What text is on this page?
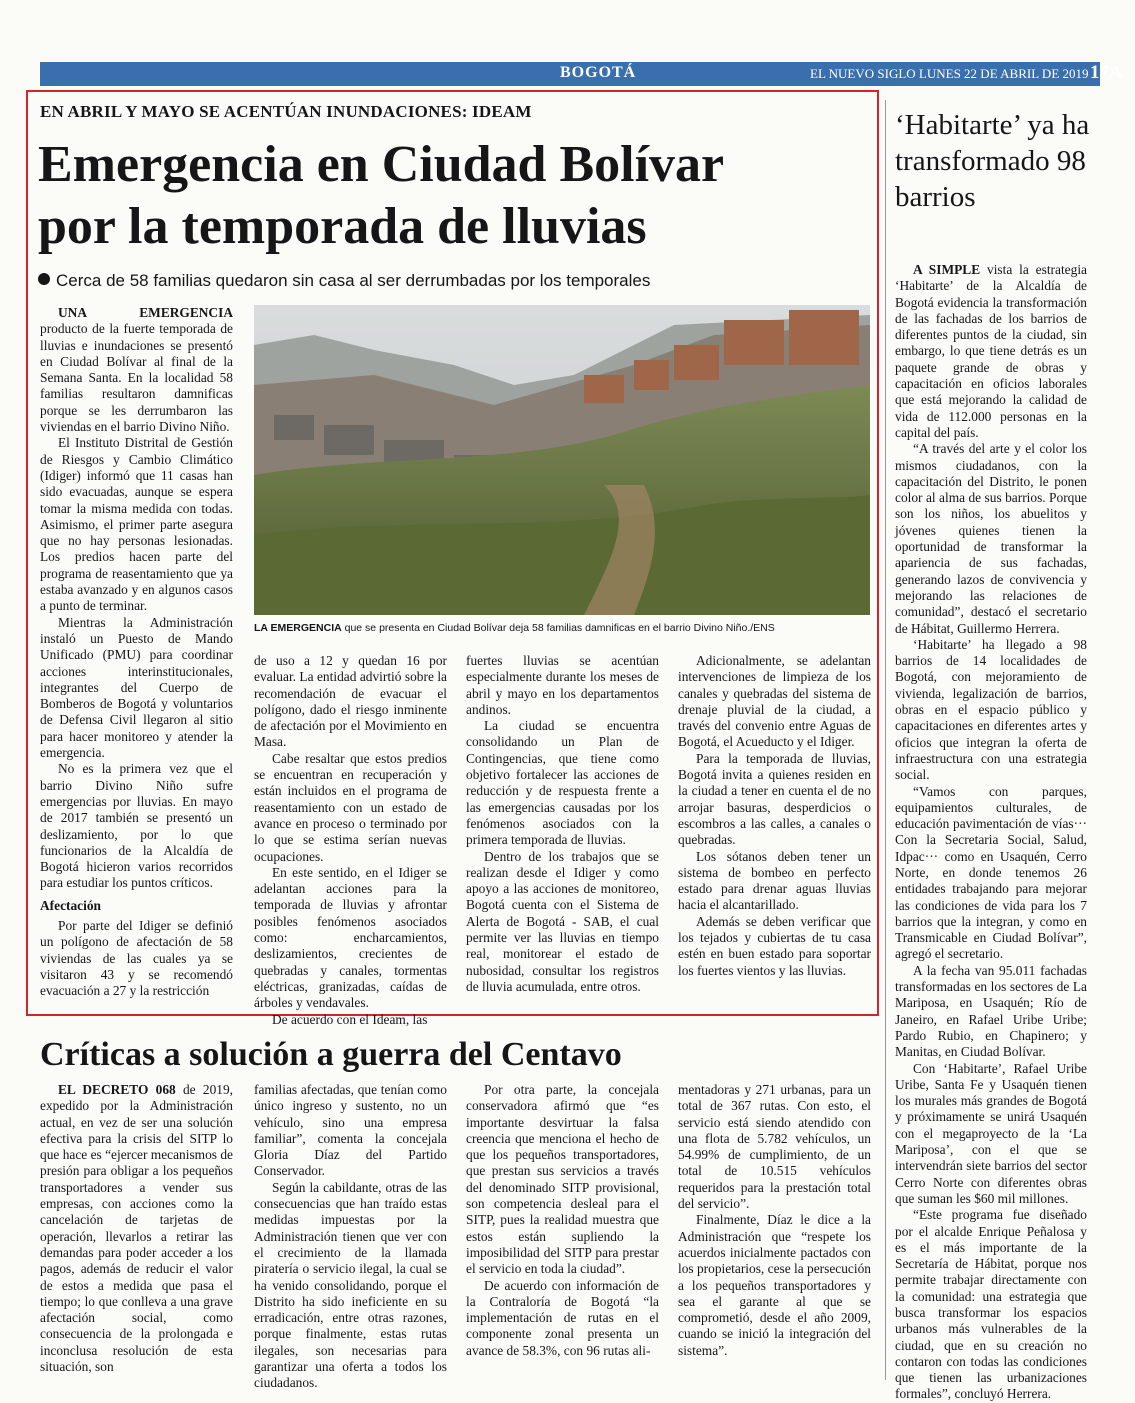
BOGOTÁ	EL NUEVO SIGLO LUNES 22 DE ABRIL DE 2019 17A
EN ABRIL Y MAYO SE ACENTÚAN INUNDACIONES: IDEAM
Emergencia en Ciudad Bolívar
por la temporada de lluvias
Cerca de 58 familias quedaron sin casa al ser derrumbadas por los temporales

UNA EMERGENCIA producto de la fuerte temporada de lluvias e inundaciones se presentó en Ciudad Bolívar al final de la Semana Santa. En la localidad 58 familias resultaron damnificas porque se les derrumbaron las viviendas en el barrio Divino Niño.

El Instituto Distrital de Gestión de Riesgos y Cambio Climático (Idiger) informó que 11 casas han sido evacuadas, aunque se espera tomar la misma medida con todas. Asimismo, el primer parte asegura que no hay personas lesionadas. Los predios hacen parte del programa de reasentamiento que ya estaba avanzado y en algunos casos a punto de terminar.

Mientras la Administración instaló un Puesto de Mando Unificado (PMU) para coordinar acciones interinstitucionales, integrantes del Cuerpo de Bomberos de Bogotá y voluntarios de Defensa Civil llegaron al sitio para hacer monitoreo y atender la emergencia.

No es la primera vez que el barrio Divino Niño sufre emergencias por lluvias. En mayo de 2017 también se presentó un deslizamiento, por lo que funcionarios de la Alcaldía de Bogotá hicieron varios recorridos para estudiar los puntos críticos.

Afectación

Por parte del Idiger se definió un polígono de afectación de 58 viviendas de las cuales ya se visitaron 43 y se recomendó evacuación a 27 y la restricción

LA EMERGENCIA que se presenta en Ciudad Bolívar deja 58 familias damnificas en el barrio Divino Niño./ENS

de uso a 12 y quedan 16 por evaluar. La entidad advirtió sobre la recomendación de evacuar el polígono, dado el riesgo inminente de afectación por el Movimiento en Masa.

Cabe resaltar que estos predios se encuentran en recuperación y están incluidos en el programa de reasentamiento con un estado de avance en proceso o terminado por lo que se estima serían nuevas ocupaciones.

En este sentido, en el Idiger se adelantan acciones para la temporada de lluvias y afrontar posibles fenómenos asociados como: encharcamientos, deslizamientos, crecientes de quebradas y canales, tormentas eléctricas, granizadas, caídas de árboles y vendavales.

De acuerdo con el Ideam, las

fuertes lluvias se acentúan especialmente durante los meses de abril y mayo en los departamentos andinos.

La ciudad se encuentra consolidando un Plan de Contingencias, que tiene como objetivo fortalecer las acciones de reducción y de respuesta frente a las emergencias causadas por los fenómenos asociados con la primera temporada de lluvias.

Dentro de los trabajos que se realizan desde el Idiger y como apoyo a las acciones de monitoreo, Bogotá cuenta con el Sistema de Alerta de Bogotá - SAB, el cual permite ver las lluvias en tiempo real, monitorear el estado de nubosidad, consultar los registros de lluvia acumulada, entre otros.

Adicionalmente, se adelantan intervenciones de limpieza de los canales y quebradas del sistema de drenaje pluvial de la ciudad, a través del convenio entre Aguas de Bogotá, el Acueducto y el Idiger.

Para la temporada de lluvias, Bogotá invita a quienes residen en la ciudad a tener en cuenta el de no arrojar basuras, desperdicios o escombros a las calles, a canales o quebradas.

Los sótanos deben tener un sistema de bombeo en perfecto estado para drenar aguas lluvias hacia el alcantarillado.

Además se deben verificar que los tejados y cubiertas de tu casa estén en buen estado para soportar los fuertes vientos y las lluvias.

‘Habitarte’ ya ha transformado 98 barrios

A SIMPLE vista la estrategia ‘Habitarte’ de la Alcaldía de Bogotá evidencia la transformación de las fachadas de los barrios de diferentes puntos de la ciudad, sin embargo, lo que tiene detrás es un paquete grande de obras y capacitación en oficios laborales que está mejorando la calidad de vida de 112.000 personas en la capital del país.

“A través del arte y el color los mismos ciudadanos, con la capacitación del Distrito, le ponen color al alma de sus barrios. Porque son los niños, los abuelitos y jóvenes quienes tienen la oportunidad de transformar la apariencia de sus fachadas, generando lazos de convivencia y mejorando las relaciones de comunidad”, destacó el secretario de Hábitat, Guillermo Herrera.

‘Habitarte’ ha llegado a 98 barrios de 14 localidades de Bogotá, con mejoramiento de vivienda, legalización de barrios, obras en el espacio público y capacitaciones en diferentes artes y oficios que integran la oferta de infraestructura con una estrategia social.

“Vamos con parques, equipamientos culturales, de educación pavimentación de vías··· Con la Secretaria Social, Salud, Idpac··· como en Usaquén, Cerro Norte, en donde tenemos 26 entidades trabajando para mejorar las condiciones de vida para los 7 barrios que la integran, y como en Transmicable en Ciudad Bolívar”, agregó el secretario.

A la fecha van 95.011 fachadas transformadas en los sectores de La Mariposa, en Usaquén; Río de Janeiro, en Rafael Uribe Uribe; Pardo Rubio, en Chapinero; y Manitas, en Ciudad Bolívar.

Con ‘Habitarte’, Rafael Uribe Uribe, Santa Fe y Usaquén tienen los murales más grandes de Bogotá y próximamente se unirá Usaquén con el megaproyecto de la ‘La Mariposa’, con el que se intervendrán siete barrios del sector Cerro Norte con diferentes obras que suman les $60 mil millones.

“Este programa fue diseñado por el alcalde Enrique Peñalosa y es el más importante de la Secretaría de Hábitat, porque nos permite trabajar directamente con la comunidad: una estrategia que busca transformar los espacios urbanos más vulnerables de la ciudad, que en su creación no contaron con todas las condiciones que tienen las urbanizaciones formales”, concluyó Herrera.

Críticas a solución a guerra del Centavo

EL DECRETO 068 de 2019, expedido por la Administración actual, en vez de ser una solución efectiva para la crisis del SITP lo que hace es “ejercer mecanismos de presión para obligar a los pequeños transportadores a vender sus empresas, con acciones como la cancelación de tarjetas de operación, llevarlos a retirar las demandas para poder acceder a los pagos, además de reducir el valor de estos a medida que pasa el tiempo; lo que conlleva a una grave afectación social, como consecuencia de la prolongada e inconclusa resolución de esta situación, son

familias afectadas, que tenían como único ingreso y sustento, no un vehículo, sino una empresa familiar”, comenta la concejala Gloria Díaz del Partido Conservador.

Según la cabildante, otras de las consecuencias que han traído estas medidas impuestas por la Administración tienen que ver con el crecimiento de la llamada piratería o servicio ilegal, la cual se ha venido consolidando, porque el Distrito ha sido ineficiente en su erradicación, entre otras razones, porque finalmente, estas rutas ilegales, son necesarias para garantizar una oferta a todos los ciudadanos.

Por otra parte, la concejala conservadora afirmó que “es importante desvirtuar la falsa creencia que menciona el hecho de que los pequeños transportadores, que prestan sus servicios a través del denominado SITP provisional, son competencia desleal para el SITP, pues la realidad muestra que estos están supliendo la imposibilidad del SITP para prestar el servicio en toda la ciudad”.

De acuerdo con información de la Contraloría de Bogotá “la implementación de rutas en el componente zonal presenta un avance de 58.3%, con 96 rutas ali-

mentadoras y 271 urbanas, para un total de 367 rutas. Con esto, el servicio está siendo atendido con una flota de 5.782 vehículos, un 54.99% de cumplimiento, de un total de 10.515 vehículos requeridos para la prestación total del servicio”.

Finalmente, Díaz le dice a la Administración que “respete los acuerdos inicialmente pactados con los propietarios, cese la persecución a los pequeños transportadores y sea el garante al que se comprometió, desde el año 2009, cuando se inició la integración del sistema”.
